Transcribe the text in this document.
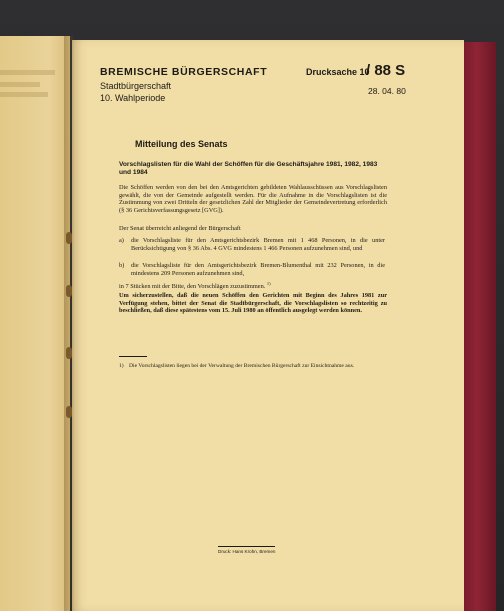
BREMISCHE BÜRGERSCHAFT
Stadtbürgerschaft
10. Wahlperiode
Drucksache 10
/ 88 S
28. 04. 80
Mitteilung des Senats
Vorschlagslisten für die Wahl der Schöffen für die Geschäftsjahre 1981, 1982, 1983 und 1984
Die Schöffen werden von den bei den Amtsgerichten gebildeten Wahlausschüssen aus Vorschlagslisten gewählt, die von der Gemeinde aufgestellt werden. Für die Aufnahme in die Vorschlagslisten ist die Zustimmung von zwei Dritteln der gesetzlichen Zahl der Mitglieder der Gemeindevertretung erforderlich (§ 36 Gerichtsverfassungsgesetz [GVG]).
Der Senat überreicht anliegend der Bürgerschaft
a) die Vorschlagsliste für den Amtsgerichtsbezirk Bremen mit 1 468 Personen, in die unter Berücksichtigung von § 36 Abs. 4 GVG mindestens 1 466 Personen aufzunehmen sind, und
b) die Vorschlagsliste für den Amtsgerichtsbezirk Bremen-Blumenthal mit 232 Personen, in die mindestens 209 Personen aufzunehmen sind,
in 7 Stücken mit der Bitte, den Vorschlägen zuzustimmen. $^{1)}$
Um sicherzustellen, daß die neuen Schöffen den Gerichten mit Beginn des Jahres 1981 zur Verfügung stehen, bittet der Senat die Stadtbürgerschaft, die Vorschlagslisten so rechtzeitig zu beschließen, daß diese spätestens vom 15. Juli 1980 an öffentlich ausgelegt werden können.
1) Die Vorschlagslisten liegen bei der Verwaltung der Bremischen Bürgerschaft zur Einsichtnahme aus.
Druck: Hans Krohn, Bremen
